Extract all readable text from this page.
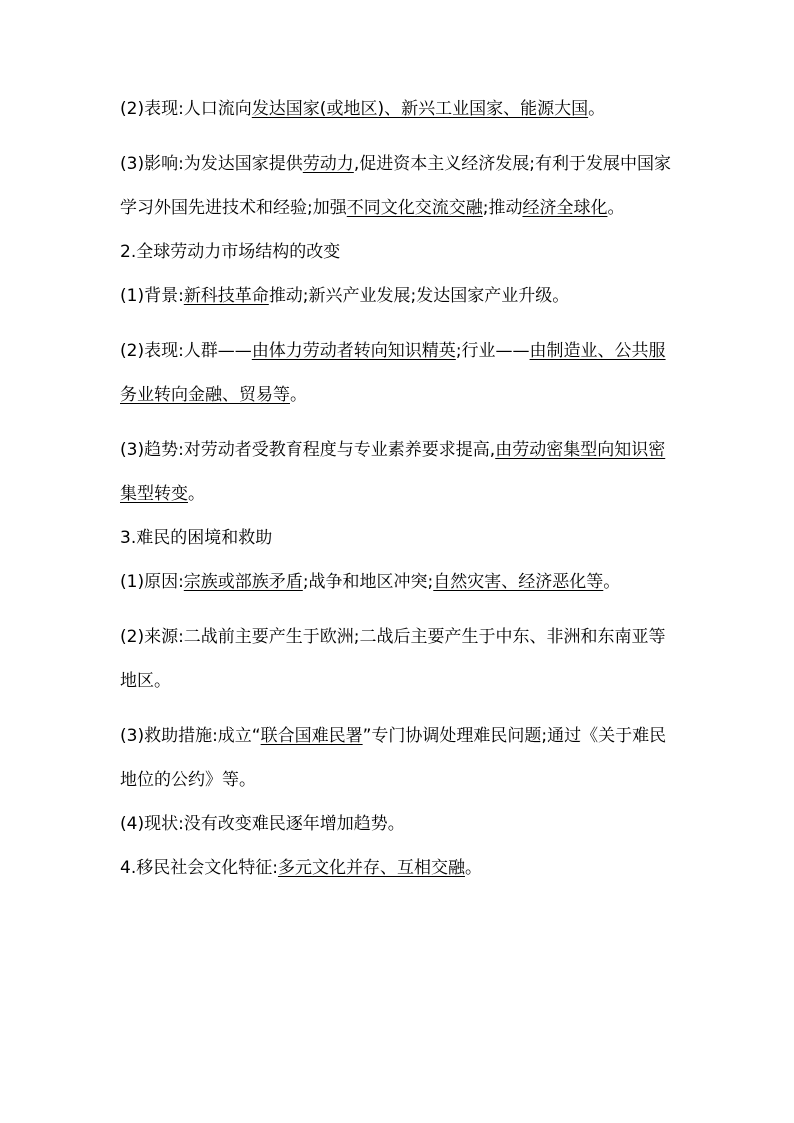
(2)表现:人口流向发达国家(或地区)、新兴工业国家、能源大国。

(3)影响:为发达国家提供劳动力,促进资本主义经济发展;有利于发展中国家学习外国先进技术和经验;加强不同文化交流交融;推动经济全球化。

2.全球劳动力市场结构的改变

(1)背景:新科技革命推动;新兴产业发展;发达国家产业升级。

(2)表现:人群——由体力劳动者转向知识精英;行业——由制造业、公共服务业转向金融、贸易等。

(3)趋势:对劳动者受教育程度与专业素养要求提高,由劳动密集型向知识密集型转变。

3.难民的困境和救助

(1)原因:宗族或部族矛盾;战争和地区冲突;自然灾害、经济恶化等。

(2)来源:二战前主要产生于欧洲;二战后主要产生于中东、非洲和东南亚等地区。

(3)救助措施:成立“联合国难民署”专门协调处理难民问题;通过《关于难民地位的公约》等。

(4)现状:没有改变难民逐年增加趋势。

4.移民社会文化特征:多元文化并存、互相交融。
